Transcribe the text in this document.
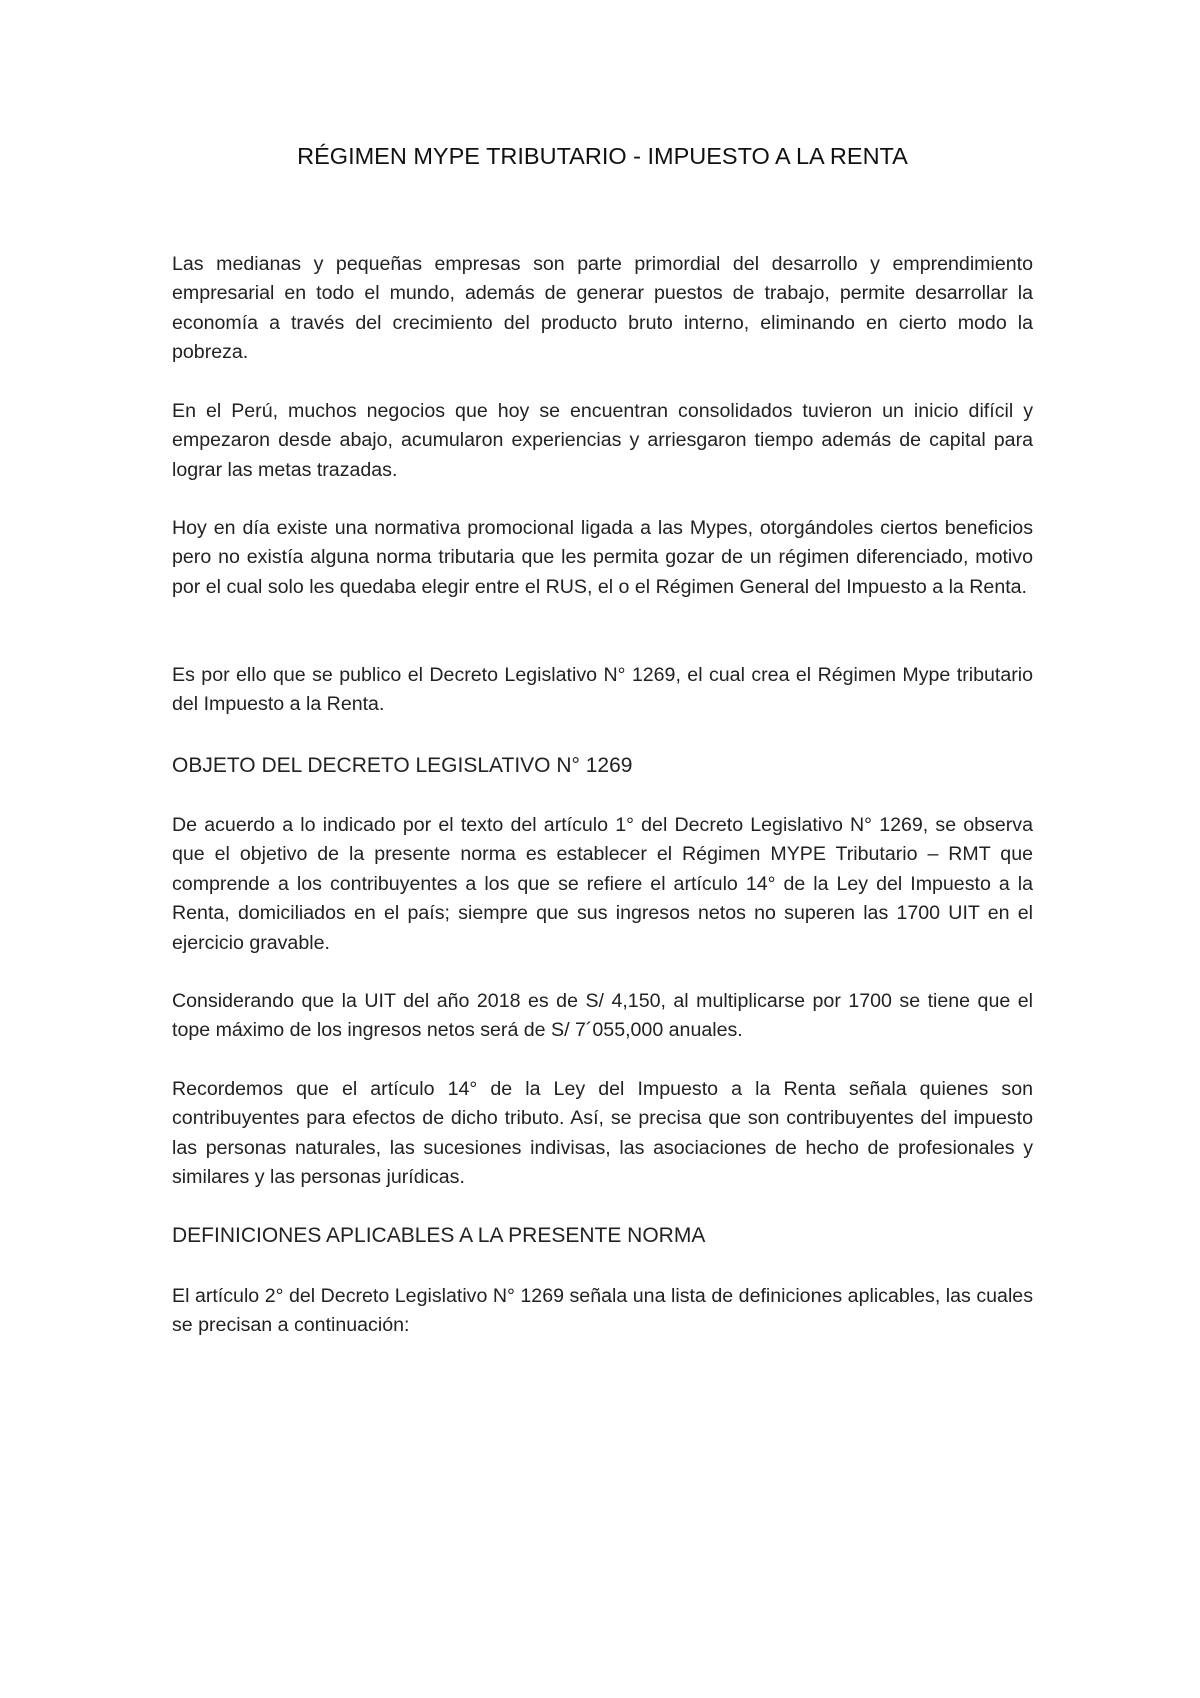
RÉGIMEN MYPE TRIBUTARIO - IMPUESTO A LA RENTA

Las medianas y pequeñas empresas son parte primordial del desarrollo y emprendimiento empresarial en todo el mundo, además de generar puestos de trabajo, permite desarrollar la economía a través del crecimiento del producto bruto interno, eliminando en cierto modo la pobreza.

En el Perú, muchos negocios que hoy se encuentran consolidados tuvieron un inicio difícil y empezaron desde abajo, acumularon experiencias y arriesgaron tiempo además de capital para lograr las metas trazadas.

Hoy en día existe una normativa promocional ligada a las Mypes, otorgándoles ciertos beneficios pero no existía alguna norma tributaria que les permita gozar de un régimen diferenciado, motivo por el cual solo les quedaba elegir entre el RUS, el o el Régimen General del Impuesto a la Renta.

Es por ello que se publico el Decreto Legislativo N° 1269, el cual crea el Régimen Mype tributario del Impuesto a la Renta.

OBJETO DEL DECRETO LEGISLATIVO N° 1269

De acuerdo a lo indicado por el texto del artículo 1° del Decreto Legislativo N° 1269, se observa que el objetivo de la presente norma es establecer el Régimen MYPE Tributario – RMT que comprende a los contribuyentes a los que se refiere el artículo 14° de la Ley del Impuesto a la Renta, domiciliados en el país; siempre que sus ingresos netos no superen las 1700 UIT en el ejercicio gravable.

Considerando que la UIT del año 2018 es de S/ 4,150, al multiplicarse por 1700 se tiene que el tope máximo de los ingresos netos será de S/ 7´055,000 anuales.

Recordemos que el artículo 14° de la Ley del Impuesto a la Renta señala quienes son contribuyentes para efectos de dicho tributo. Así, se precisa que son contribuyentes del impuesto las personas naturales, las sucesiones indivisas, las asociaciones de hecho de profesionales y similares y las personas jurídicas.

DEFINICIONES APLICABLES A LA PRESENTE NORMA

El artículo 2° del Decreto Legislativo N° 1269 señala una lista de definiciones aplicables, las cuales se precisan a continuación:
